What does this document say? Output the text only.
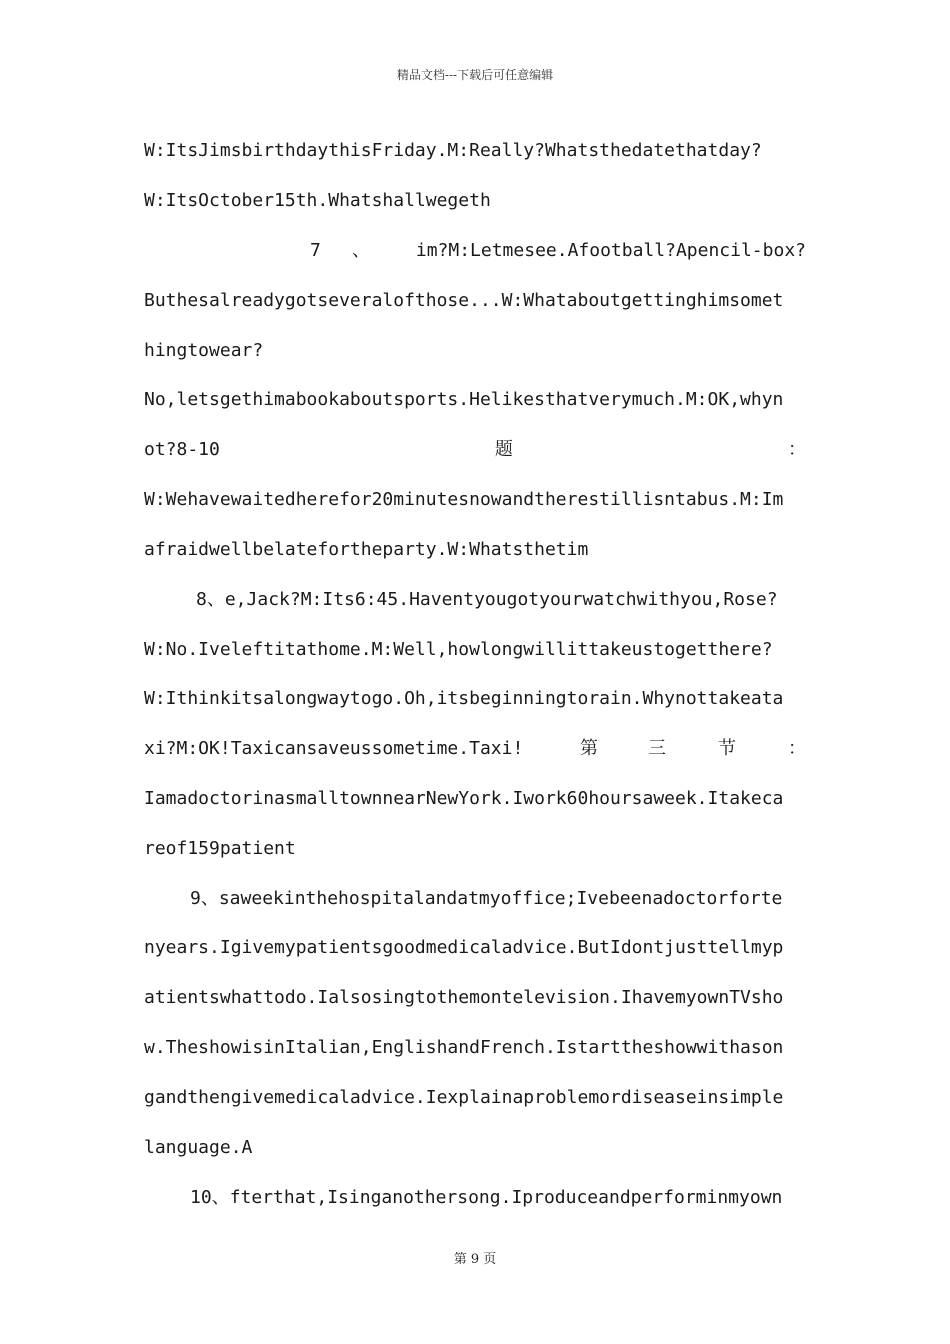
精品文档---下载后可任意编辑
W:ItsJimsbirthdaythisFriday.M:Really?Whatsthedatethatday?
W:ItsOctober15th.Whatshallwegeth
7 、	im?M:Letmesee.Afootball?Apencil-box?
Buthesalreadygotseveralofthose...W:Whataboutgettinghimsomet
hingtowear?
No,letsgethimabookaboutsports.Helikesthatverymuch.M:OK,whyn
ot?8-10	题	：
W:Wehavewaitedherefor20minutesnowandtherestillisntabus.M:Im
afraidwellbelatefortheparty.W:Whatsthetim
8、e,Jack?M:Its6:45.Haventyougotyourwatchwithyou,Rose?
W:No.Iveleftitathome.M:Well,howlongwillittakeustogetthere?
W:Ithinkitsalongwaytogo.Oh,itsbeginningtorain.Whynottakeata
xi?M:OK!Taxicansaveussometime.Taxi!	第	三	节	：
IamadoctorinasmalltownnearNewYork.Iwork60hoursaweek.Itakeca
reof159patient
9、saweekinthehospitalandatmyoffice;Ivebeenadoctorforte
nyears.Igivemypatientsgoodmedicaladvice.ButIdontjusttellmyp
atientswhattodo.Ialsosingtothemontelevision.IhavemyownTVsho
w.TheshowisinItalian,EnglishandFrench.Istarttheshowwithason
gandthengivemedicaladvice.Iexplainaproblemordiseaseinsimple
language.A
10、fterthat,Isinganothersong.Iproduceandperforminmyown
第 9 页
